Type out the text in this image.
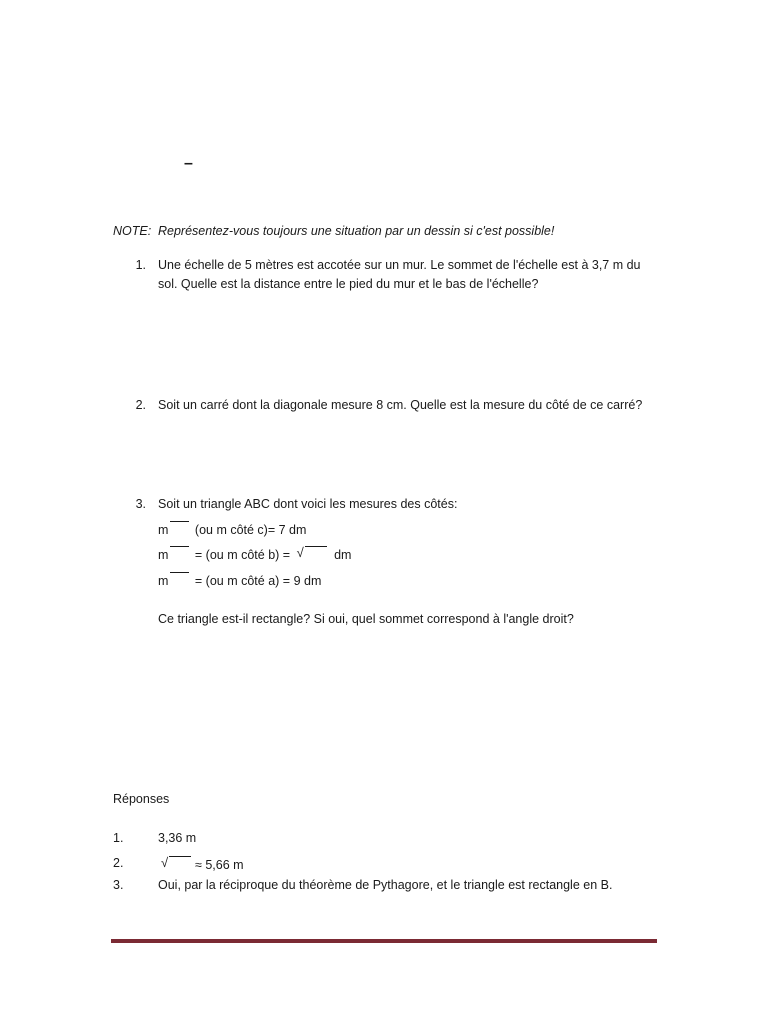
–
NOTE: Représentez-vous toujours une situation par un dessin si c'est possible!
1. Une échelle de 5 mètres est accotée sur un mur. Le sommet de l'échelle est à 3,7 m du
sol. Quelle est la distance entre le pied du mur et le bas de l'échelle?
2. Soit un carré dont la diagonale mesure 8 cm. Quelle est la mesure du côté de ce carré?
3. Soit un triangle ABC dont voici les mesures des côtés:
m (ou m côté c)= 7 dm
m = (ou m côté b) = √ dm
m = (ou m côté a) = 9 dm
Ce triangle est-il rectangle? Si oui, quel sommet correspond à l'angle droit?
Réponses
1.	3,36 m
2.	√ ≈ 5,66 m
3.	Oui, par la réciproque du théorème de Pythagore, et le triangle est rectangle en B.
